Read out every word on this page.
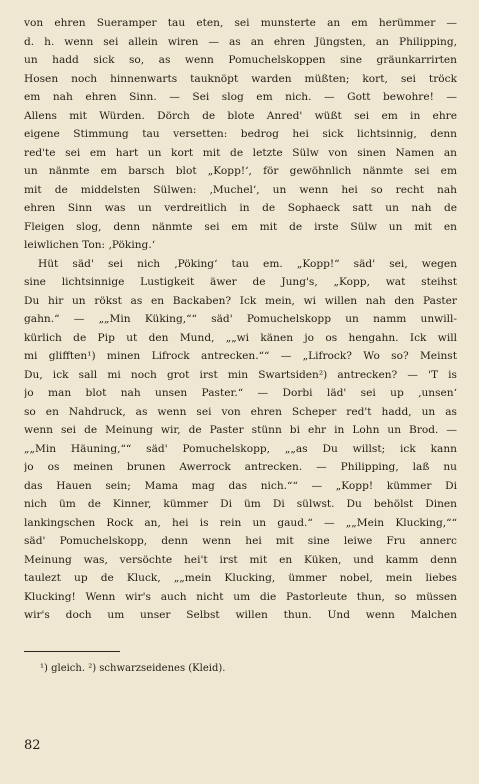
von ehren Sueramper tau eten, sei munsterte an em herümmer —
d. h. wenn sei allein wiren — as an ehren Jüngsten, an Philipping,
un hadd sick so, as wenn Pomuchelskoppen sine gräunkarrirten
Hosen noch hinnenwarts tauknöpt warden müßten; kort, sei tröck
em nah ehren Sinn. — Sei slog em nich. — Gott bewohre! —
Allens mit Würden. Dörch de blote Anred' wüßt sei em in ehre
eigene Stimmung tau versetten: bedrog hei sick lichtsinnig, denn
red'te sei em hart un kort mit de letzte Sülw von sinen Namen an
un nänmte em barsch blot „Kopp!‘, för gewöhnlich nänmte sei em
mit de middelsten Sülwen: ‚Muchel‘, un wenn hei so recht nah
ehren Sinn was un verdreitlich in de Sophaeck satt un nah de
Fleigen slog, denn nänmte sei em mit de irste Sülw un mit en
leiwlichen Ton: ‚Pöking.‘
Hüt säd' sei nich ‚Pöking‘ tau em. „Kopp!“ säd' sei, wegen
sine lichtsinnige Lustigkeit äwer de Jung's, „Kopp, wat steihst
Du hir un rökst as en Backaben? Ick mein, wi willen nah den Paster
gahn.“ — „„Min Küking,““ säd' Pomuchelskopp un namm unwill-
kürlich de Pip ut den Mund, „„wi känen jo os hengahn. Ick will
mi glifften¹) minen Lifrock antrecken.““ — „Lifrock? Wo so? Meinst
Du, ick sall mi noch grot irst min Swartsiden²) antrecken? — 'T is
jo man blot nah unsen Paster.“ — Dorbi läd' sei up ‚unsen‘
so en Nahdruck, as wenn sei von ehren Scheper red't hadd, un as
wenn sei de Meinung wir, de Paster stünn bi ehr in Lohn un Brod. —
„„Min Häuning,““ säd' Pomuchelskopp, „„as Du willst; ick kann
jo os meinen brunen Awerrock antrecken. — Philipping, laß nu
das Hauen sein; Mama mag das nich.““ — „Kopp! kümmer Di
nich üm de Kinner, kümmer Di üm Di sülwst. Du behölst Dinen
lankingschen Rock an, hei is rein un gaud.“ — „„Mein Klucking,““
säd' Pomuchelskopp, denn wenn hei mit sine leiwe Fru annerc
Meinung was, versöchte hei't irst mit en Küken, und kamm denn
taulezt up de Kluck, „„mein Klucking, ümmer nobel, mein liebes
Klucking! Wenn wir's auch nicht um die Pastorleute thun, so müssen
wir's doch um unser Selbst willen thun. Und wenn Malchen
¹) gleich. ²) schwarzseidenes (Kleid).
82
